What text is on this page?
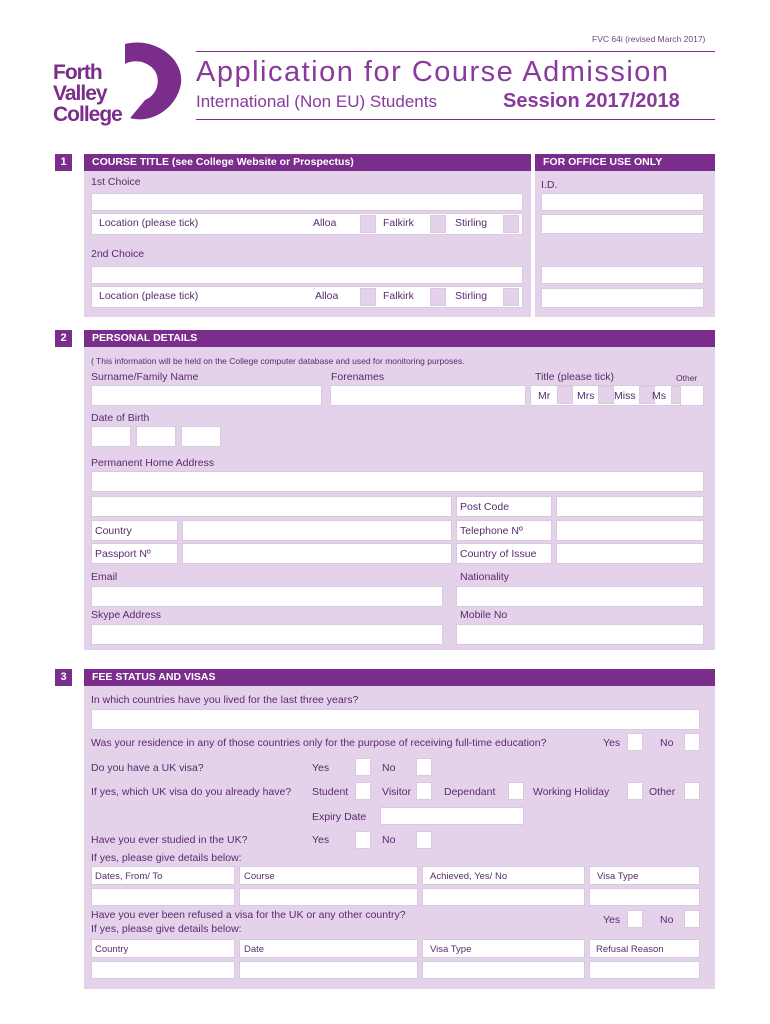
FVC 64i (revised March 2017)
Forth
Valley
College
Application for Course Admission
International (Non EU) Students	Session 2017/2018
1	COURSE TITLE (see College Website or Prospectus)
1st Choice
Location (please tick)	Alloa	Falkirk	Stirling
2nd Choice
Location (please tick)	Alloa	Falkirk	Stirling
FOR OFFICE USE ONLY
I.D.
2	PERSONAL DETAILS
( This information will be held on the College computer database and used for monitoring purposes.
Surname/Family Name	Forenames	Title (please tick)	Other
Mr	Mrs Miss Ms
Date of Birth
Permanent Home Address
Post Code
Country	Telephone Nº
Passport Nº	Country of Issue
Email	Nationality
Skype Address	Mobile No
3	FEE STATUS AND VISAS
In which countries have you lived for the last three years?
Was your residence in any of those countries only for the purpose of receiving full-time education?	Yes	No
Do you have a UK visa?	Yes	No
If yes, which UK visa do you already have? Student	Visitor	Dependant	Working Holiday	Other
Expiry Date
Have you ever studied in the UK?	Yes	No
If yes, please give details below:
Dates, From/ To	Course	Achieved, Yes/ No	Visa Type
Have you ever been refused a visa for the UK or any other country?
If yes, please give details below:
Yes	No
Country	Date	Visa Type	Refusal Reason
